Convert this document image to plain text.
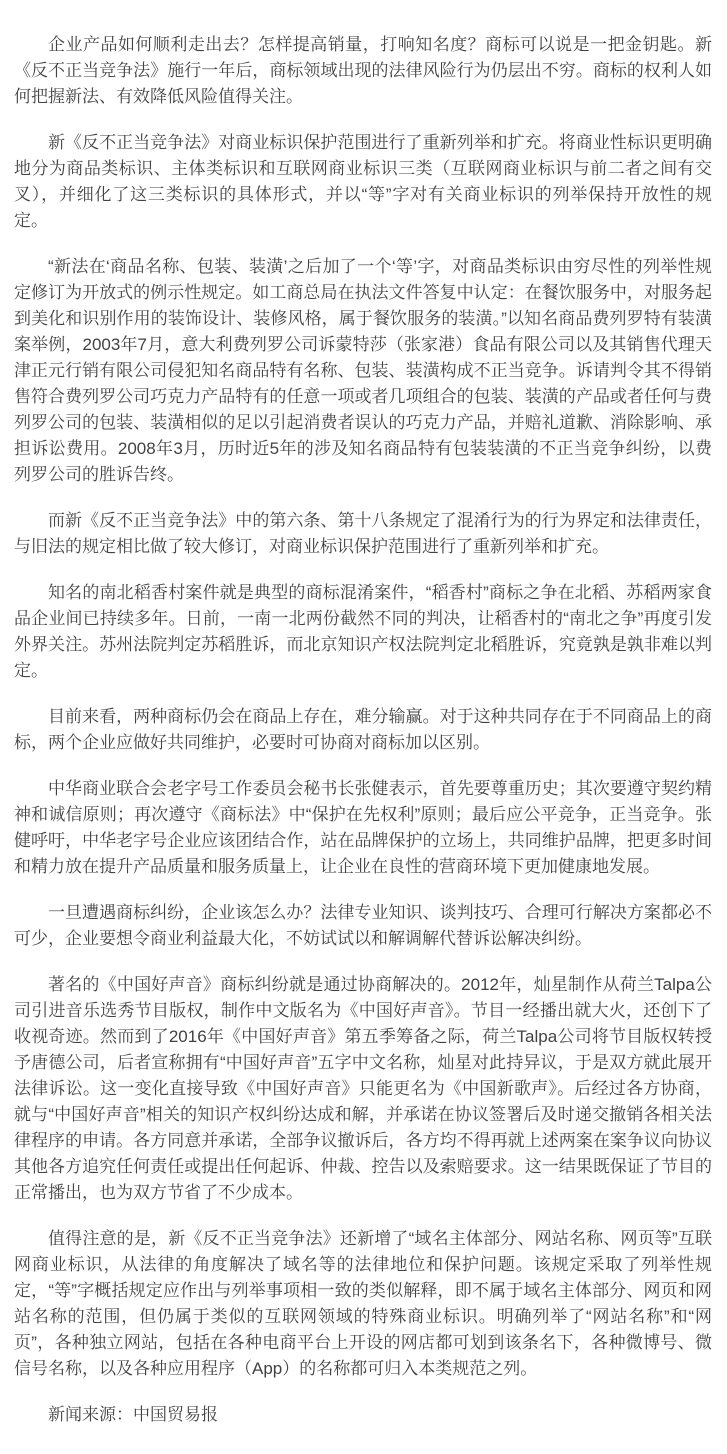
企业产品如何顺利走出去？怎样提高销量，打响知名度？商标可以说是一把金钥匙。新《反不正当竞争法》施行一年后，商标领域出现的法律风险行为仍层出不穷。商标的权利人如何把握新法、有效降低风险值得关注。

新《反不正当竞争法》对商业标识保护范围进行了重新列举和扩充。将商业性标识更明确地分为商品类标识、主体类标识和互联网商业标识三类（互联网商业标识与前二者之间有交叉），并细化了这三类标识的具体形式，并以“等”字对有关商业标识的列举保持开放性的规定。

“新法在‘商品名称、包装、装潢’之后加了一个‘等’字，对商品类标识由穷尽性的列举性规定修订为开放式的例示性规定。如工商总局在执法文件答复中认定：在餐饮服务中，对服务起到美化和识别作用的装饰设计、装修风格，属于餐饮服务的装潢。”以知名商品费列罗特有装潢案举例，2003年7月，意大利费列罗公司诉蒙特莎（张家港）食品有限公司以及其销售代理天津正元行销有限公司侵犯知名商品特有名称、包装、装潢构成不正当竞争。诉请判令其不得销售符合费列罗公司巧克力产品特有的任意一项或者几项组合的包装、装潢的产品或者任何与费列罗公司的包装、装潢相似的足以引起消费者误认的巧克力产品，并赔礼道歉、消除影响、承担诉讼费用。2008年3月，历时近5年的涉及知名商品特有包装装潢的不正当竞争纠纷，以费列罗公司的胜诉告终。

而新《反不正当竞争法》中的第六条、第十八条规定了混淆行为的行为界定和法律责任，与旧法的规定相比做了较大修订，对商业标识保护范围进行了重新列举和扩充。

知名的南北稻香村案件就是典型的商标混淆案件，“稻香村”商标之争在北稻、苏稻两家食品企业间已持续多年。日前，一南一北两份截然不同的判决，让稻香村的“南北之争”再度引发外界关注。苏州法院判定苏稻胜诉，而北京知识产权法院判定北稻胜诉，究竟孰是孰非难以判定。

目前来看，两种商标仍会在商品上存在，难分输赢。对于这种共同存在于不同商品上的商标，两个企业应做好共同维护，必要时可协商对商标加以区别。

中华商业联合会老字号工作委员会秘书长张健表示，首先要尊重历史；其次要遵守契约精神和诚信原则；再次遵守《商标法》中“保护在先权利”原则；最后应公平竞争，正当竞争。张健呼吁，中华老字号企业应该团结合作，站在品牌保护的立场上，共同维护品牌，把更多时间和精力放在提升产品质量和服务质量上，让企业在良性的营商环境下更加健康地发展。

一旦遭遇商标纠纷，企业该怎么办？法律专业知识、谈判技巧、合理可行解决方案都必不可少，企业要想令商业利益最大化，不妨试试以和解调解代替诉讼解决纠纷。

著名的《中国好声音》商标纠纷就是通过协商解决的。2012年，灿星制作从荷兰Talpa公司引进音乐选秀节目版权，制作中文版名为《中国好声音》。节目一经播出就大火，还创下了收视奇迹。然而到了2016年《中国好声音》第五季筹备之际，荷兰Talpa公司将节目版权转授予唐德公司，后者宣称拥有“中国好声音”五字中文名称，灿星对此持异议，于是双方就此展开法律诉讼。这一变化直接导致《中国好声音》只能更名为《中国新歌声》。后经过各方协商，就与“中国好声音”相关的知识产权纠纷达成和解，并承诺在协议签署后及时递交撤销各相关法律程序的申请。各方同意并承诺，全部争议撤诉后，各方均不得再就上述两案在案争议向协议其他各方追究任何责任或提出任何起诉、仲裁、控告以及索赔要求。这一结果既保证了节目的正常播出，也为双方节省了不少成本。

值得注意的是，新《反不正当竞争法》还新增了“域名主体部分、网站名称、网页等”互联网商业标识，从法律的角度解决了域名等的法律地位和保护问题。该规定采取了列举性规定，“等”字概括规定应作出与列举事项相一致的类似解释，即不属于域名主体部分、网页和网站名称的范围，但仍属于类似的互联网领域的特殊商业标识。明确列举了“网站名称”和“网页”，各种独立网站，包括在各种电商平台上开设的网店都可划到该条名下，各种微博号、微信号名称，以及各种应用程序（App）的名称都可归入本类规范之列。

新闻来源：中国贸易报
